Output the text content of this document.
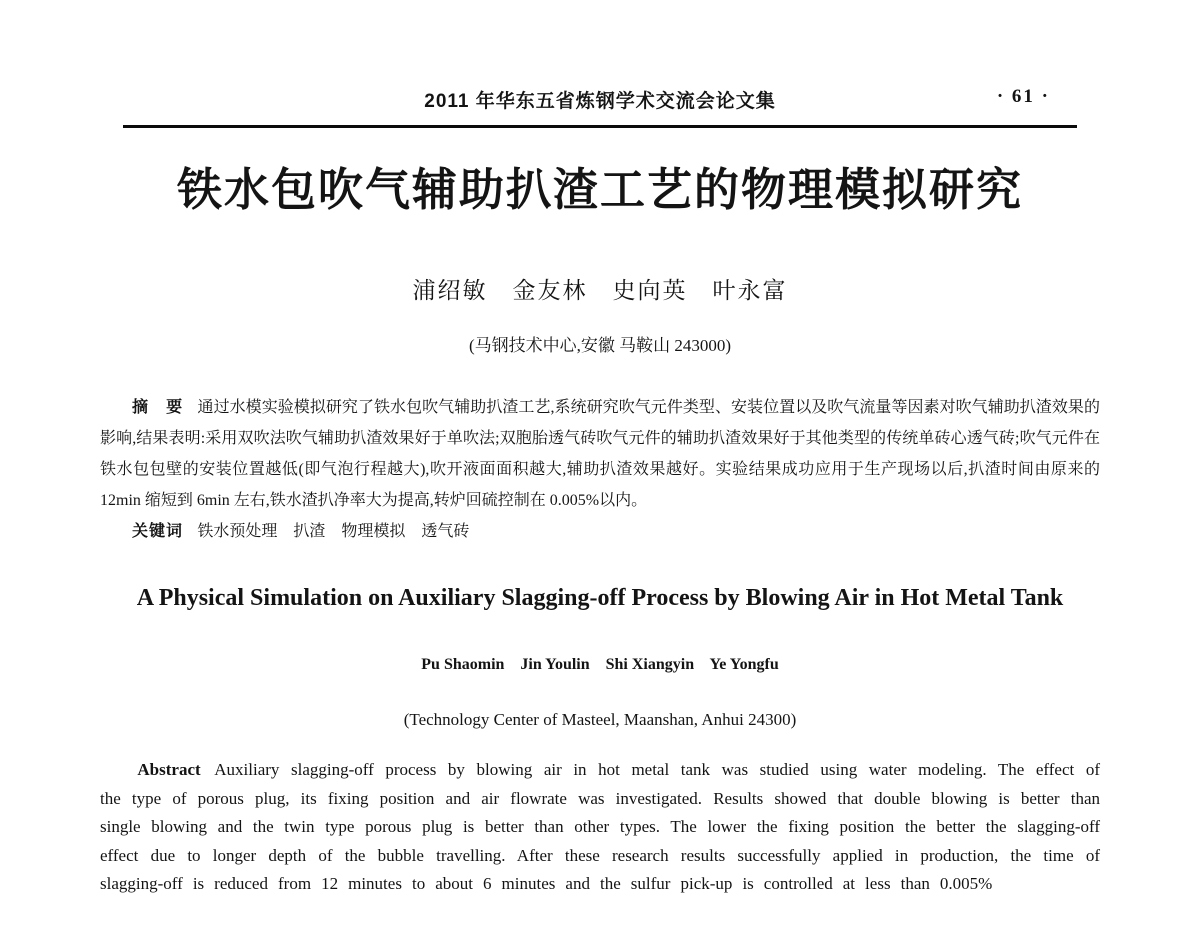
2011 年华东五省炼钢学术交流会论文集	· 61 ·
铁水包吹气辅助扒渣工艺的物理模拟研究
浦绍敏　金友林　史向英　叶永富
(马钢技术中心,安徽 马鞍山 243000)

摘　要 通过水模实验模拟研究了铁水包吹气辅助扒渣工艺,系统研究吹气元件类型、安装位置以及吹气流量等因素对吹气辅助扒渣效果的影响,结果表明:采用双吹法吹气辅助扒渣效果好于单吹法;双胞胎透气砖吹气元件的辅助扒渣效果好于其他类型的传统单砖心透气砖;吹气元件在铁水包包壁的安装位置越低(即气泡行程越大),吹开液面面积越大,辅助扒渣效果越好。实验结果成功应用于生产现场以后,扒渣时间由原来的 12min 缩短到 6min 左右,铁水渣扒净率大为提高,转炉回硫控制在 0.005%以内。

关键词 铁水预处理　扒渣　物理模拟　透气砖

A Physical Simulation on Auxiliary Slagging-off Process by Blowing Air in Hot Metal Tank
Pu Shaomin    Jin Youlin    Shi Xiangyin    Ye Yongfu
(Technology Center of Masteel, Maanshan, Anhui 24300)

Abstract Auxiliary slagging-off process by blowing air in hot metal tank was studied using water modeling. The effect of the type of porous plug, its fixing position and air flowrate was investigated. Results showed that double blowing is better than single blowing and the twin type porous plug is better than other types. The lower the fixing position the better the slagging-off effect due to longer depth of the bubble travelling. After these research results successfully applied in production, the time of slagging-off is reduced from 12 minutes to about 6 minutes and the sulfur pick-up is controlled at less than 0.005%
